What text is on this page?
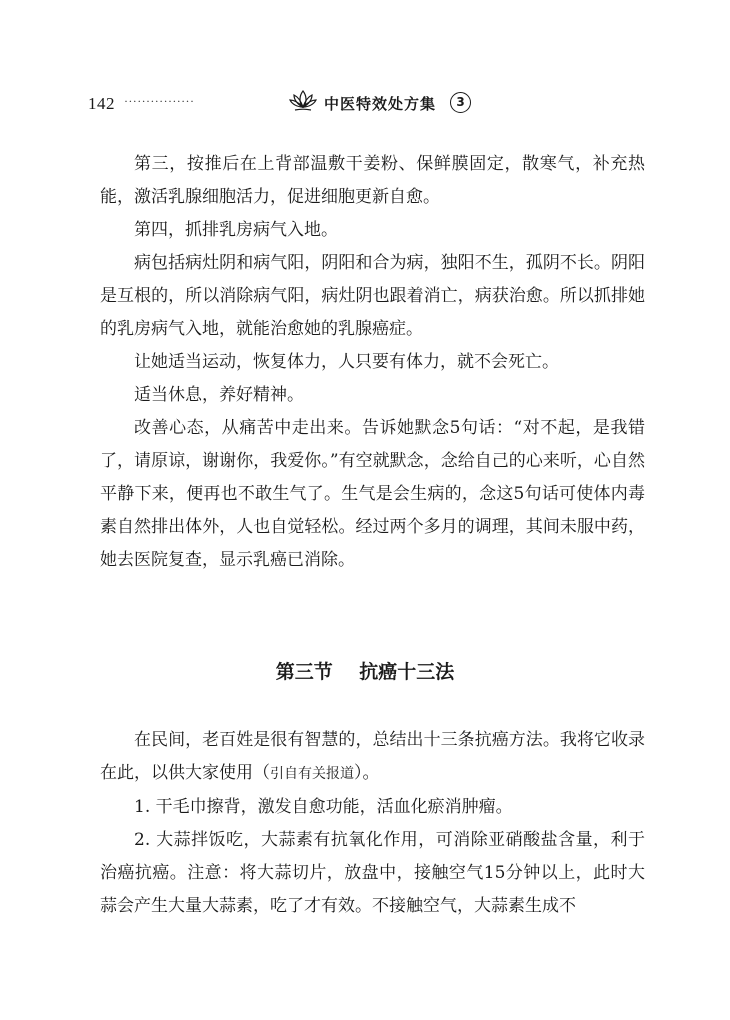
142 ················	中医特效处方集	3

第三，按推后在上背部温敷干姜粉、保鲜膜固定，散寒气，补充热能，激活乳腺细胞活力，促进细胞更新自愈。

第四，抓排乳房病气入地。

病包括病灶阴和病气阳，阴阳和合为病，独阳不生，孤阴不长。阴阳是互根的，所以消除病气阳，病灶阴也跟着消亡，病获治愈。所以抓排她的乳房病气入地，就能治愈她的乳腺癌症。

让她适当运动，恢复体力，人只要有体力，就不会死亡。

适当休息，养好精神。

改善心态，从痛苦中走出来。告诉她默念5句话：“对不起，是我错了，请原谅，谢谢你，我爱你。”有空就默念，念给自己的心来听，心自然平静下来，便再也不敢生气了。生气是会生病的，念这5句话可使体内毒素自然排出体外，人也自觉轻松。经过两个多月的调理，其间未服中药，她去医院复查，显示乳癌已消除。

第三节    抗癌十三法

在民间，老百姓是很有智慧的，总结出十三条抗癌方法。我将它收录在此，以供大家使用（引自有关报道）。

1. 干毛巾擦背，激发自愈功能，活血化瘀消肿瘤。

2. 大蒜拌饭吃，大蒜素有抗氧化作用，可消除亚硝酸盐含量，利于治癌抗癌。注意：将大蒜切片，放盘中，接触空气15分钟以上，此时大蒜会产生大量大蒜素，吃了才有效。不接触空气，大蒜素生成不
